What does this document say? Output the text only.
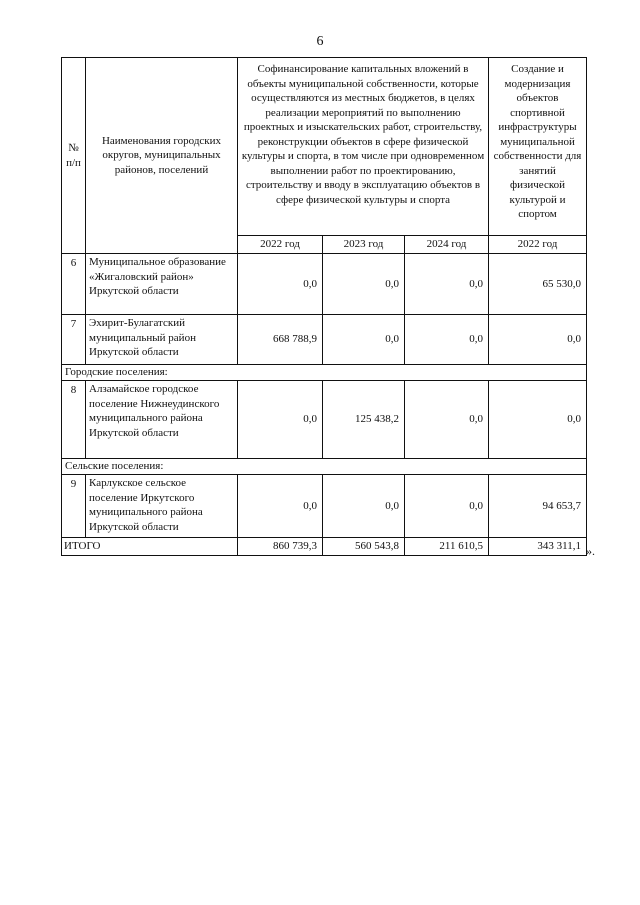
6
№ п/п	Наименования городских округов, муниципальных районов, поселений	Софинансирование капитальных вложений в объекты муниципальной собственности, которые осуществляются из местных бюджетов, в целях реализации мероприятий по выполнению проектных и изыскательских работ, строительству, реконструкции объектов в сфере физической культуры и спорта, в том числе при одновременном выполнении работ по проектированию, строительству и вводу в эксплуатацию объектов в сфере физической культуры и спорта			Создание и модернизация объектов спортивной инфраструктуры муниципальной собственности для занятий физической культурой и спортом
		2022 год	2023 год	2024 год	2022 год
6	Муниципальное образование «Жигаловский район» Иркутской области	0,0	0,0	0,0	65 530,0
7	Эхирит-Булагатский муниципальный район Иркутской области	668 788,9	0,0	0,0	0,0
Городские поселения:					
8	Алзамайское городское поселение Нижнеудинского муниципального района Иркутской области	0,0	125 438,2	0,0	0,0
Сельские поселения:					
9	Карлукское сельское поселение Иркутского муниципального района Иркутской области	0,0	0,0	0,0	94 653,7
ИТОГО		860 739,3	560 543,8	211 610,5	343 311,1 ».
